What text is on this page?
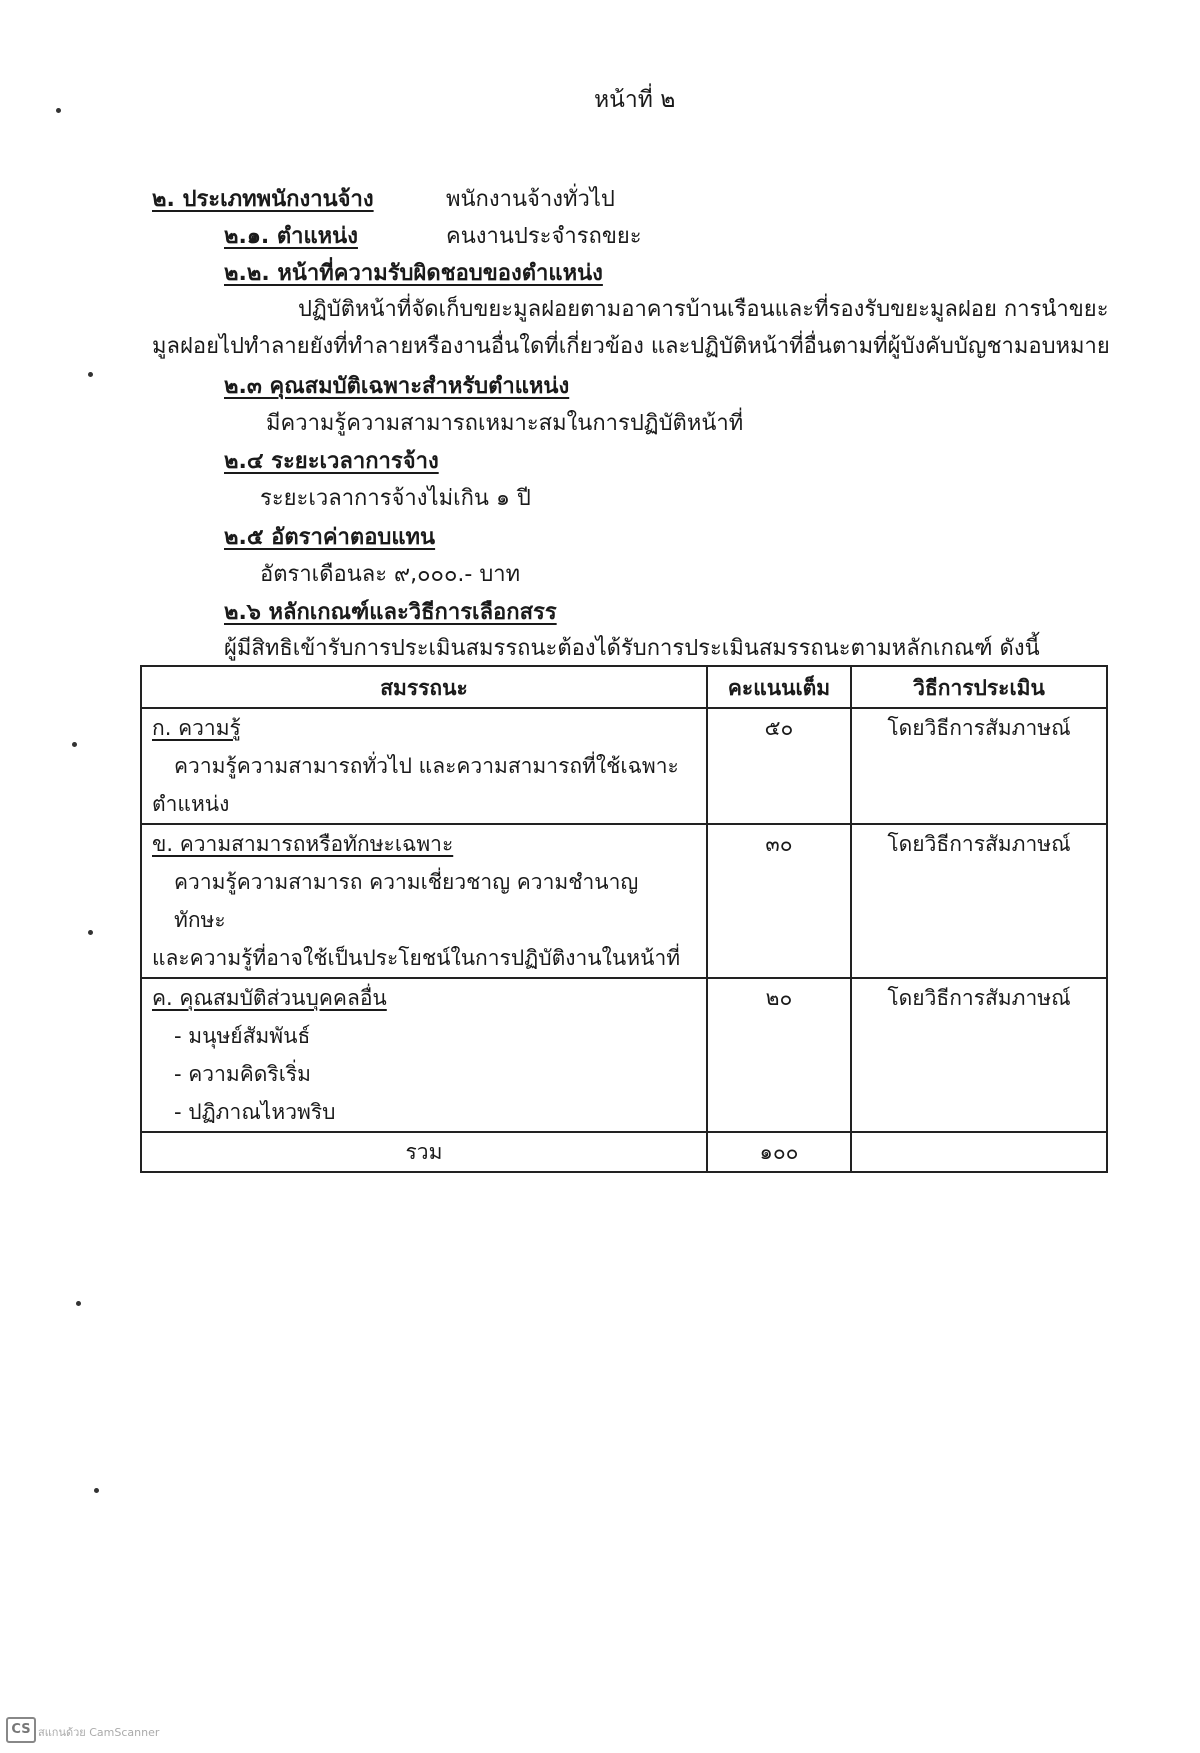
หน้าที่ ๒
๒. ประเภทพนักงานจ้าง	พนักงานจ้างทั่วไป
๒.๑. ตำแหน่ง	คนงานประจำรถขยะ
๒.๒. หน้าที่ความรับผิดชอบของตำแหน่ง
ปฏิบัติหน้าที่จัดเก็บขยะมูลฝอยตามอาคารบ้านเรือนและที่รองรับขยะมูลฝอย การนำขยะ
มูลฝอยไปทำลายยังที่ทำลายหรืองานอื่นใดที่เกี่ยวข้อง และปฏิบัติหน้าที่อื่นตามที่ผู้บังคับบัญชามอบหมาย
๒.๓ คุณสมบัติเฉพาะสำหรับตำแหน่ง
มีความรู้ความสามารถเหมาะสมในการปฏิบัติหน้าที่
๒.๔ ระยะเวลาการจ้าง
ระยะเวลาการจ้างไม่เกิน ๑ ปี
๒.๕ อัตราค่าตอบแทน
อัตราเดือนละ ๙,๐๐๐.- บาท
๒.๖ หลักเกณฑ์และวิธีการเลือกสรร
ผู้มีสิทธิเข้ารับการประเมินสมรรถนะต้องได้รับการประเมินสมรรถนะตามหลักเกณฑ์ ดังนี้
สมรรถนะ	คะแนนเต็ม	วิธีการประเมิน

ก. ความรู้
ความรู้ความสามารถทั่วไป และความสามารถที่ใช้เฉพาะ
ตำแหน่ง	๕๐	โดยวิธีการสัมภาษณ์

ข. ความสามารถหรือทักษะเฉพาะ
ความรู้ความสามารถ ความเชี่ยวชาญ ความชำนาญ ทักษะ
และความรู้ที่อาจใช้เป็นประโยชน์ในการปฏิบัติงานในหน้าที่	๓๐	โดยวิธีการสัมภาษณ์

ค. คุณสมบัติส่วนบุคคลอื่น
- มนุษย์สัมพันธ์
- ความคิดริเริ่ม
- ปฏิภาณไหวพริบ	๒๐	โดยวิธีการสัมภาษณ์
รวม	๑๐๐	
CS สแกนด้วย CamScanner
